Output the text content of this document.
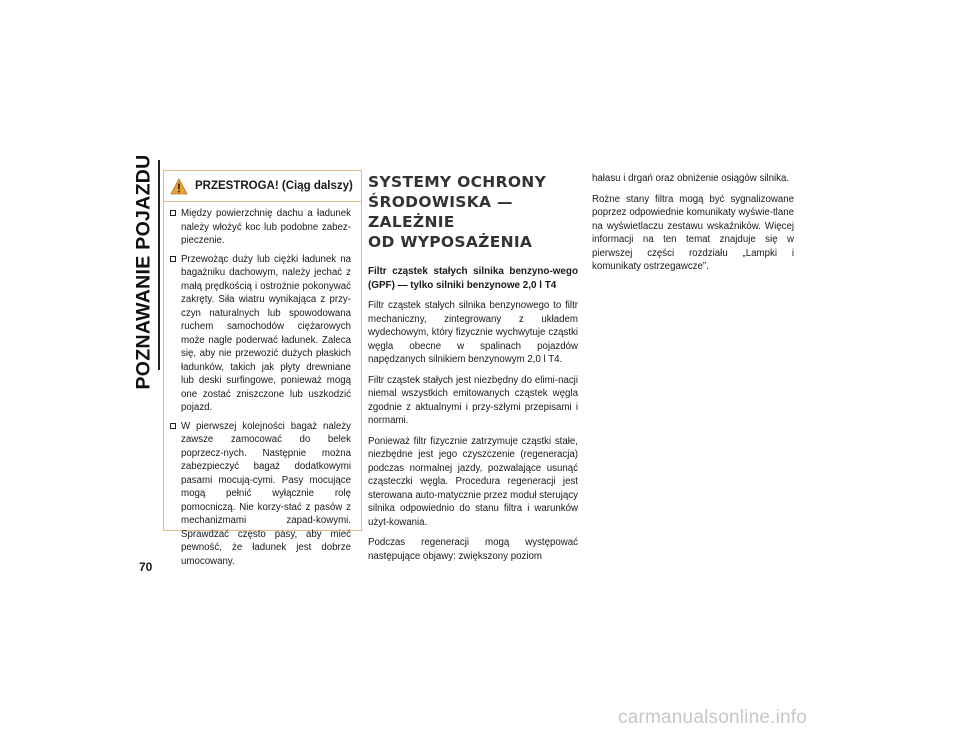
POZNAWANIE POJAZDU
70
PRZESTROGA! (Ciąg dalszy)
Między powierzchnię dachu a ładunek należy włożyć koc lub podobne zabez-pieczenie.
Przewożąc duży lub ciężki ładunek na bagażniku dachowym, należy jechać z małą prędkością i ostrożnie pokonywać zakręty. Siła wiatru wynikająca z przy-czyn naturalnych lub spowodowana ruchem samochodów ciężarowych może nagle poderwać ładunek. Zaleca się, aby nie przewozić dużych płaskich ładunków, takich jak płyty drewniane lub deski surfingowe, ponieważ mogą one zostać zniszczone lub uszkodzić pojazd.
W pierwszej kolejności bagaż należy zawsze zamocować do belek poprzecz-nych. Następnie można zabezpieczyć bagaż dodatkowymi pasami mocują-cymi. Pasy mocujące mogą pełnić wyłącznie rolę pomocniczą. Nie korzy-stać z pasów z mechanizmami zapad-kowymi. Sprawdzać często pasy, aby mieć pewność, że ładunek jest dobrze umocowany.
SYSTEMY OCHRONY
ŚRODOWISKA — ZALEŻNIE
OD WYPOSAŻENIA

Filtr cząstek stałych silnika benzyno-wego (GPF) — tylko silniki benzynowe 2,0 l T4

Filtr cząstek stałych silnika benzynowego to filtr mechaniczny, zintegrowany z układem wydechowym, który fizycznie wychwytuje cząstki węgla obecne w spalinach pojazdów napędzanych silnikiem benzynowym 2,0 l T4.

Filtr cząstek stałych jest niezbędny do elimi-nacji niemal wszystkich emitowanych cząstek węgla zgodnie z aktualnymi i przy-szłymi przepisami i normami.

Ponieważ filtr fizycznie zatrzymuje cząstki stałe, niezbędne jest jego czyszczenie (regeneracja) podczas normalnej jazdy, pozwalające usunąć cząsteczki węgla. Procedura regeneracji jest sterowana auto-matycznie przez moduł sterujący silnika odpowiednio do stanu filtra i warunków użyt-kowania.

Podczas regeneracji mogą występować następujące objawy: zwiększony poziom

hałasu i drgań oraz obniżenie osiągów silnika.

Rożne stany filtra mogą być sygnalizowane poprzez odpowiednie komunikaty wyświe-tlane na wyświetlaczu zestawu wskaźników. Więcej informacji na ten temat znajduje się w pierwszej części rozdziału „Lampki i komunikaty ostrzegawcze”.

carmanualsonline.info
